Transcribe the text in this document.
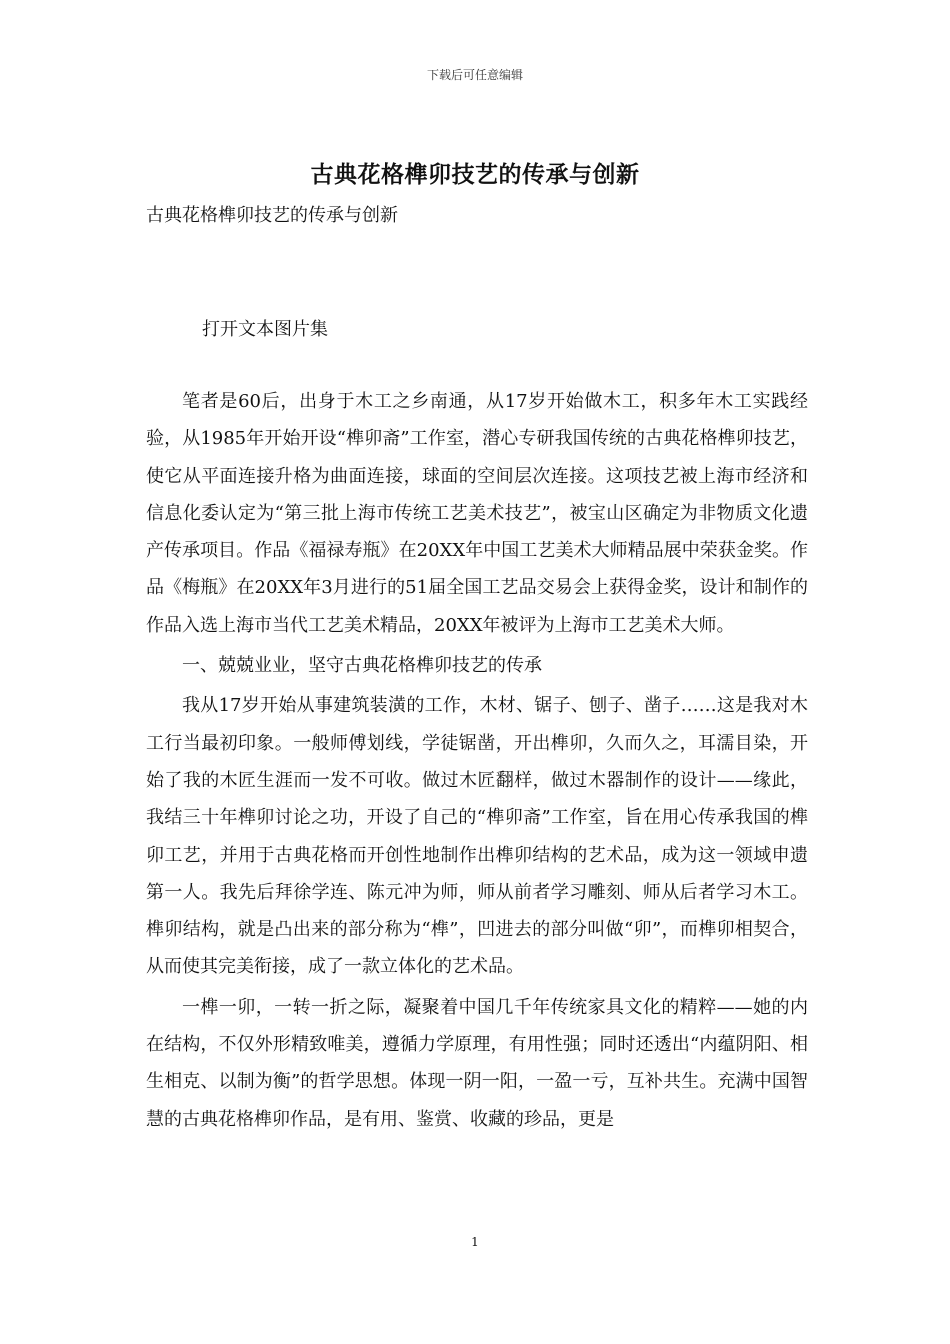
下载后可任意编辑
古典花格榫卯技艺的传承与创新
古典花格榫卯技艺的传承与创新
打开文本图片集

笔者是60后，出身于木工之乡南通，从17岁开始做木工，积多年木工实践经验，从1985年开始开设“榫卯斋”工作室，潜心专研我国传统的古典花格榫卯技艺，使它从平面连接升格为曲面连接，球面的空间层次连接。这项技艺被上海市经济和信息化委认定为“第三批上海市传统工艺美术技艺”，被宝山区确定为非物质文化遗产传承项目。作品《福禄寿瓶》在20XX年中国工艺美术大师精品展中荣获金奖。作品《梅瓶》在20XX年3月进行的51届全国工艺品交易会上获得金奖，设计和制作的作品入选上海市当代工艺美术精品，20XX年被评为上海市工艺美术大师。

一、兢兢业业，坚守古典花格榫卯技艺的传承

我从17岁开始从事建筑装潢的工作，木材、锯子、刨子、凿子……这是我对木工行当最初印象。一般师傅划线，学徒锯凿，开出榫卯，久而久之，耳濡目染，开始了我的木匠生涯而一发不可收。做过木匠翻样，做过木器制作的设计——缘此，我结三十年榫卯讨论之功，开设了自己的“榫卯斋”工作室，旨在用心传承我国的榫卯工艺，并用于古典花格而开创性地制作出榫卯结构的艺术品，成为这一领域申遗第一人。我先后拜徐学连、陈元冲为师，师从前者学习雕刻、师从后者学习木工。榫卯结构，就是凸出来的部分称为“榫”，凹进去的部分叫做“卯”，而榫卯相契合，从而使其完美衔接，成了一款立体化的艺术品。

一榫一卯，一转一折之际，凝聚着中国几千年传统家具文化的精粹——她的内在结构，不仅外形精致唯美，遵循力学原理，有用性强；同时还透出“内蕴阴阳、相生相克、以制为衡”的哲学思想。体现一阴一阳，一盈一亏，互补共生。充满中国智慧的古典花格榫卯作品，是有用、鉴赏、收藏的珍品，更是

1
